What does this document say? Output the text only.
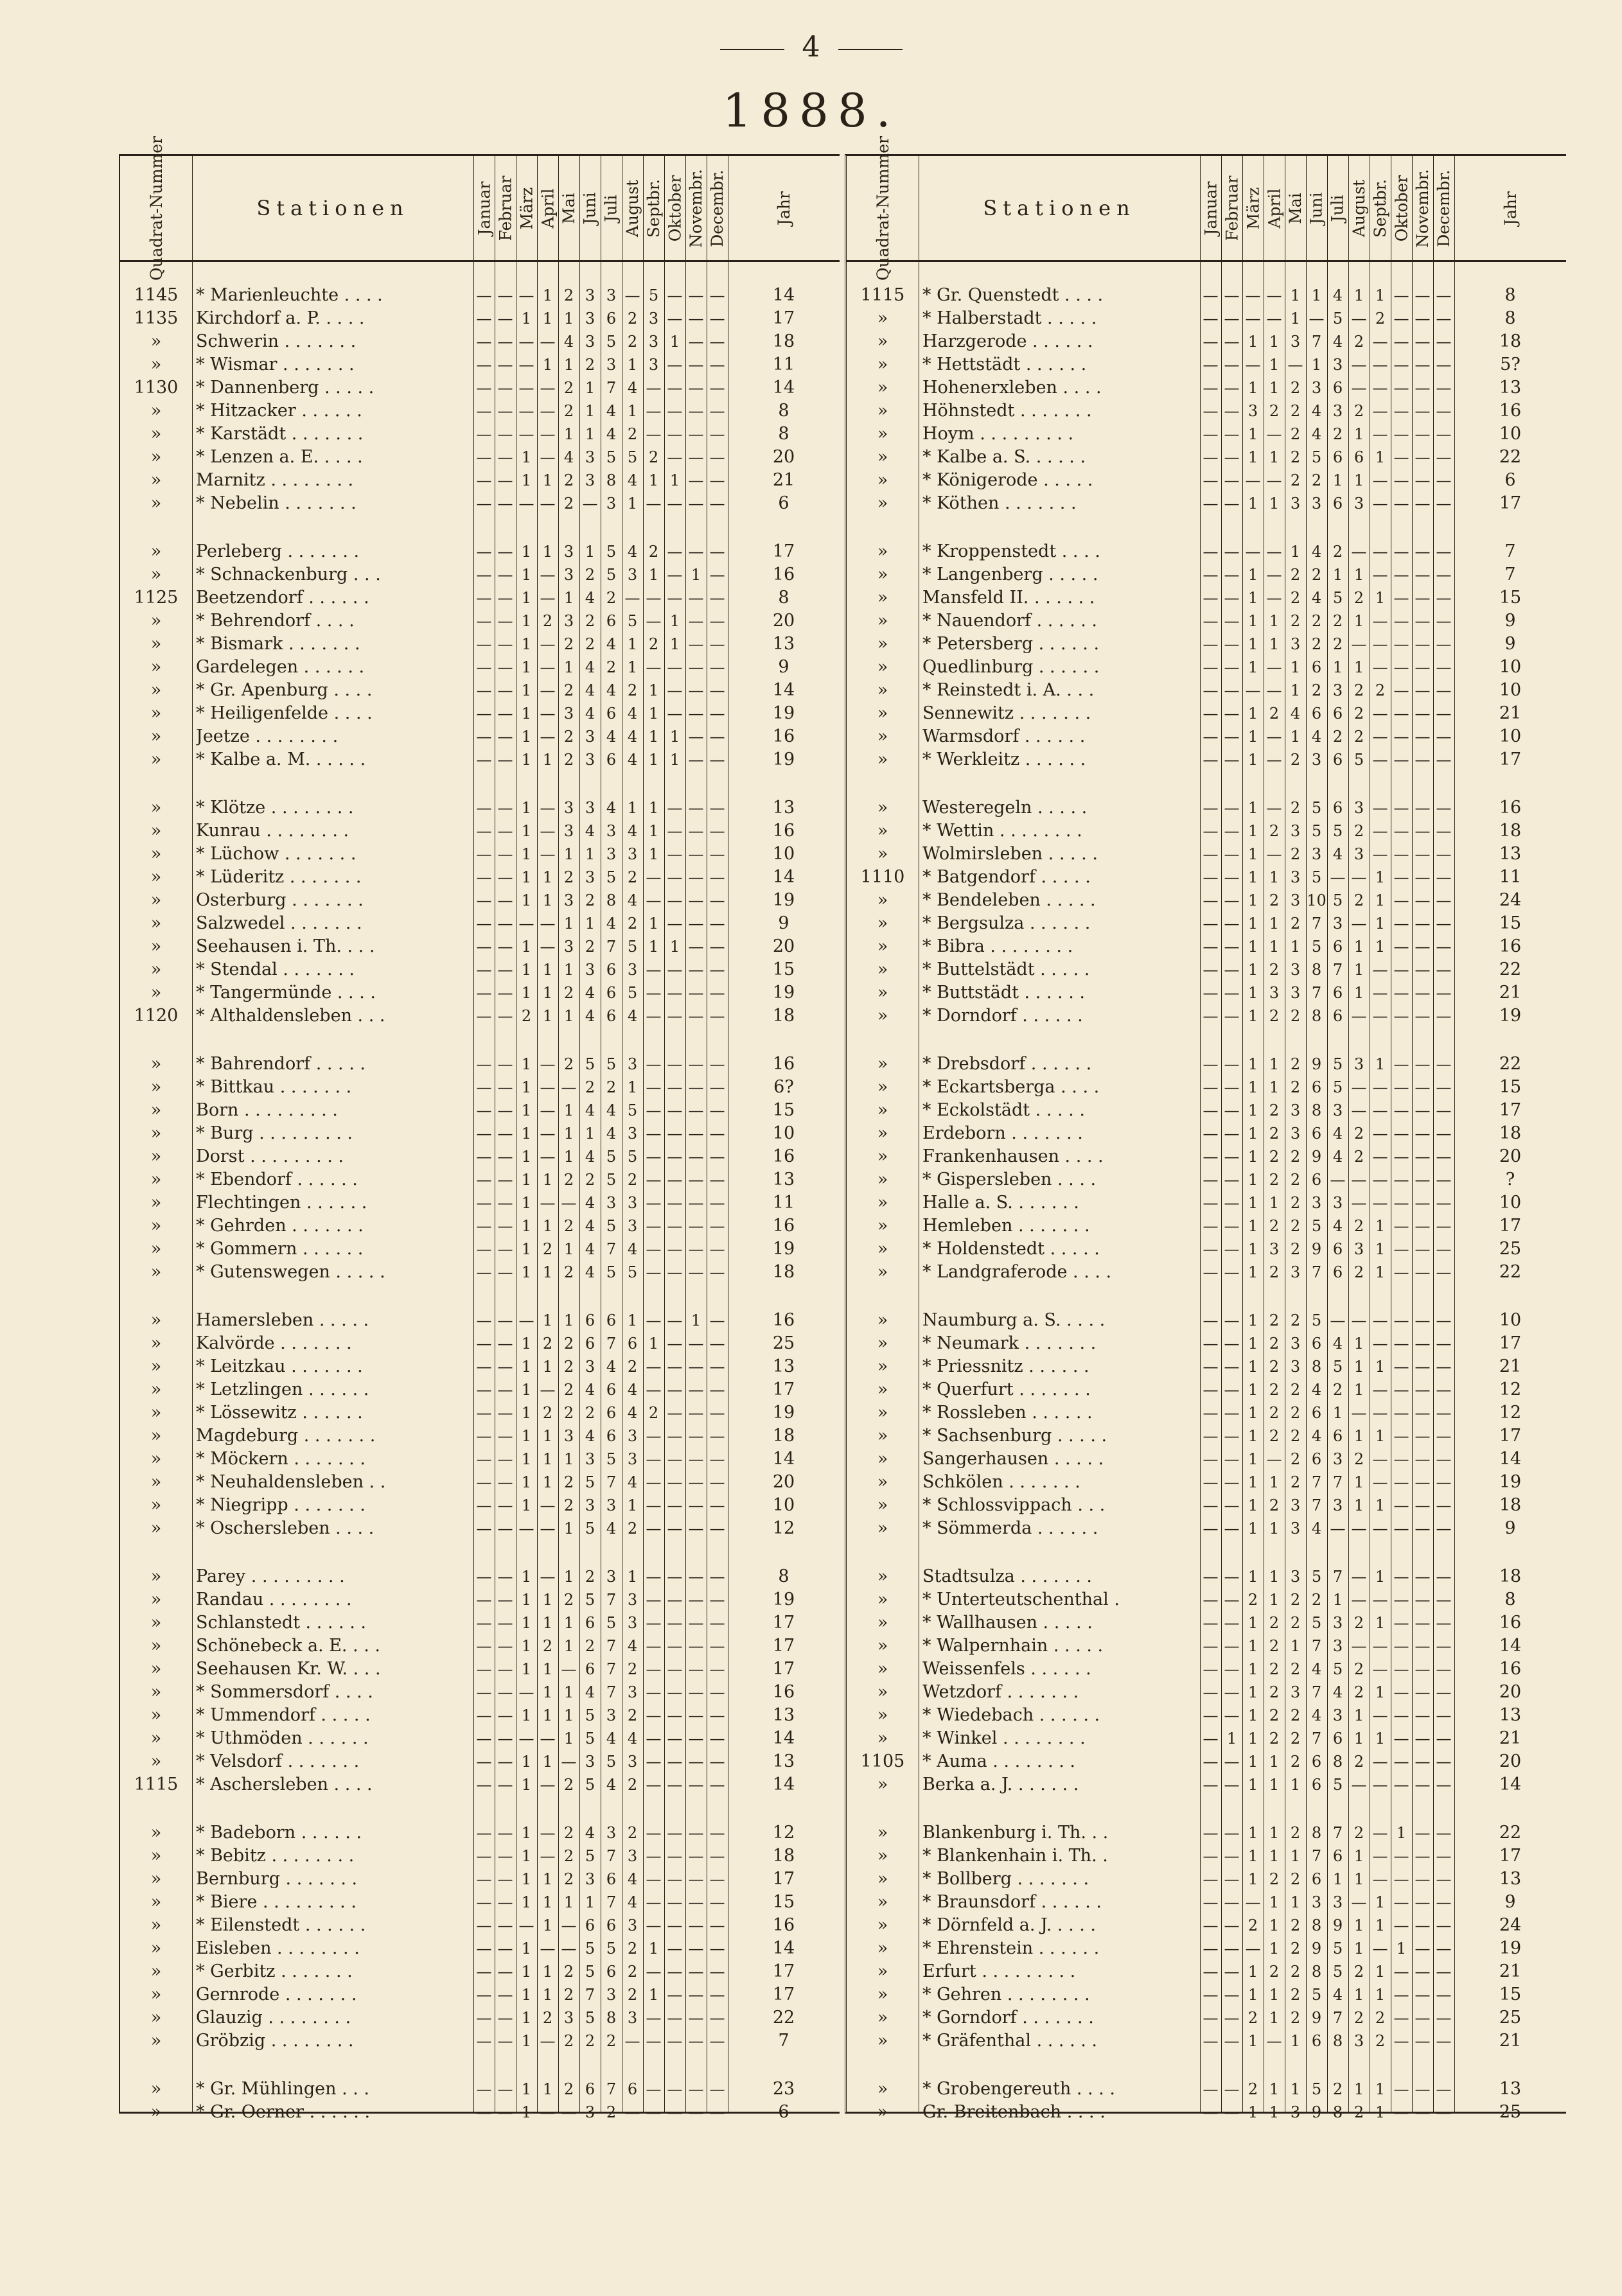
4
1888.
Quadrat-Nummer	Stationen	Januar Februar März April Mai Juni Juli August Septbr. Oktober Novembr. Decembr.	Jahr
1145	* Marienleuchte . . . .	— — — 1 2 3 3 — 5 — — —	14
1135	Kirchdorf a. P. . . . .	— — 1 1 1 3 6 2 3 — — —	17
»	Schwerin . . . . . . .	— — — — 4 3 5 2 3 1 — —	18
»	* Wismar . . . . . . .	— — — 1 1 2 3 1 3 — — —	11
1130	* Dannenberg . . . . .	— — — — 2 1 7 4 — — — —	14
»	* Hitzacker . . . . . .	— — — — 2 1 4 1 — — — —	8
»	* Karstädt . . . . . . .	— — — — 1 1 4 2 — — — —	8
»	* Lenzen a. E. . . . .	— — 1 — 4 3 5 5 2 — — —	20
»	Marnitz . . . . . . . .	— — 1 1 2 3 8 4 1 1 — —	21
»	* Nebelin . . . . . . .	— — — — 2 — 3 1 — — — —	6
»	Perleberg . . . . . . .	— — 1 1 3 1 5 4 2 — — —	17
»	* Schnackenburg . . .	— — 1 — 3 2 5 3 1 — 1 —	16
1125	Beetzendorf . . . . . .	— — 1 — 1 4 2 — — — — —	8
»	* Behrendorf . . . .	— — 1 2 3 2 6 5 — 1 — —	20
»	* Bismark . . . . . . .	— — 1 — 2 2 4 1 2 1 — —	13
»	Gardelegen . . . . . .	— — 1 — 1 4 2 1 — — — —	9
»	* Gr. Apenburg . . . .	— — 1 — 2 4 4 2 1 — — —	14
»	* Heiligenfelde . . . .	— — 1 — 3 4 6 4 1 — — —	19
»	Jeetze . . . . . . . .	— — 1 — 2 3 4 4 1 1 — —	16
»	* Kalbe a. M. . . . . .	— — 1 1 2 3 6 4 1 1 — —	19
»	* Klötze . . . . . . . .	— — 1 — 3 3 4 1 1 — — —	13
»	Kunrau . . . . . . . .	— — 1 — 3 4 3 4 1 — — —	16
»	* Lüchow . . . . . . .	— — 1 — 1 1 3 3 1 — — —	10
»	* Lüderitz . . . . . . .	— — 1 1 2 3 5 2 — — — —	14
»	Osterburg . . . . . . .	— — 1 1 3 2 8 4 — — — —	19
»	Salzwedel . . . . . . .	— — — — 1 1 4 2 1 — — —	9
»	Seehausen i. Th. . . .	— — 1 — 3 2 7 5 1 1 — —	20
»	* Stendal . . . . . . .	— — 1 1 1 3 6 3 — — — —	15
»	* Tangermünde . . . .	— — 1 1 2 4 6 5 — — — —	19
1120	* Althaldensleben . . .	— — 2 1 1 4 6 4 — — — —	18
»	* Bahrendorf . . . . .	— — 1 — 2 5 5 3 — — — —	16
»	* Bittkau . . . . . . .	— — 1 — — 2 2 1 — — — —	6?
»	Born . . . . . . . . .	— — 1 — 1 4 4 5 — — — —	15
»	* Burg . . . . . . . . .	— — 1 — 1 1 4 3 — — — —	10
»	Dorst . . . . . . . . .	— — 1 — 1 4 5 5 — — — —	16
»	* Ebendorf . . . . . .	— — 1 1 2 2 5 2 — — — —	13
»	Flechtingen . . . . . .	— — 1 — — 4 3 3 — — — —	11
»	* Gehrden . . . . . . .	— — 1 1 2 4 5 3 — — — —	16
»	* Gommern . . . . . .	— — 1 2 1 4 7 4 — — — —	19
»	* Gutenswegen . . . . .	— — 1 1 2 4 5 5 — — — —	18
»	Hamersleben . . . . .	— — — 1 1 6 6 1 — — 1 —	16
»	Kalvörde . . . . . . .	— — 1 2 2 6 7 6 1 — — —	25
»	* Leitzkau . . . . . . .	— — 1 1 2 3 4 2 — — — —	13
»	* Letzlingen . . . . . .	— — 1 — 2 4 6 4 — — — —	17
»	* Lössewitz . . . . . .	— — 1 2 2 2 6 4 2 — — —	19
»	Magdeburg . . . . . . .	— — 1 1 3 4 6 3 — — — —	18
»	* Möckern . . . . . . .	— — 1 1 1 3 5 3 — — — —	14
»	* Neuhaldensleben . .	— — 1 1 2 5 7 4 — — — —	20
»	* Niegripp . . . . . . .	— — 1 — 2 3 3 1 — — — —	10
»	* Oschersleben . . . .	— — — — 1 5 4 2 — — — —	12
»	Parey . . . . . . . . .	— — 1 — 1 2 3 1 — — — —	8
»	Randau . . . . . . . .	— — 1 1 2 5 7 3 — — — —	19
»	Schlanstedt . . . . . .	— — 1 1 1 6 5 3 — — — —	17
»	Schönebeck a. E. . . .	— — 1 2 1 2 7 4 — — — —	17
»	Seehausen Kr. W. . . .	— — 1 1 — 6 7 2 — — — —	17
»	* Sommersdorf . . . .	— — — 1 1 4 7 3 — — — —	16
»	* Ummendorf . . . . .	— — 1 1 1 5 3 2 — — — —	13
»	* Uthmöden . . . . . .	— — — — 1 5 4 4 — — — —	14
»	* Velsdorf . . . . . . .	— — 1 1 — 3 5 3 — — — —	13
1115	* Aschersleben . . . .	— — 1 — 2 5 4 2 — — — —	14
»	* Badeborn . . . . . .	— — 1 — 2 4 3 2 — — — —	12
»	* Bebitz . . . . . . . .	— — 1 — 2 5 7 3 — — — —	18
»	Bernburg . . . . . . .	— — 1 1 2 3 6 4 — — — —	17
»	* Biere . . . . . . . . .	— — 1 1 1 1 7 4 — — — —	15
»	* Eilenstedt . . . . . .	— — — 1 — 6 6 3 — — — —	16
»	Eisleben . . . . . . . .	— — 1 — — 5 5 2 1 — — —	14
»	* Gerbitz . . . . . . .	— — 1 1 2 5 6 2 — — — —	17
»	Gernrode . . . . . . .	— — 1 1 2 7 3 2 1 — — —	17
»	Glauzig . . . . . . . .	— — 1 2 3 5 8 3 — — — —	22
»	Gröbzig . . . . . . . .	— — 1 — 2 2 2 — — — — —	7
»	* Gr. Mühlingen . . .	— — 1 1 2 6 7 6 — — — —	23
»	* Gr. Oerner . . . . . .	— — 1 — — 3 2 — — — — —	6
Quadrat-Nummer	Stationen	Januar Februar März April Mai Juni Juli August Septbr. Oktober Novembr. Decembr.	Jahr
1115	* Gr. Quenstedt . . . .	— — — — 1 1 4 1 1 — — —	8
»	* Halberstadt . . . . .	— — — — 1 — 5 — 2 — — —	8
»	Harzgerode . . . . . .	— — 1 1 3 7 4 2 — — — —	18
»	* Hettstädt . . . . . .	— — — 1 — 1 3 — — — — —	5?
»	Hohenerxleben . . . .	— — 1 1 2 3 6 — — — — —	13
»	Höhnstedt . . . . . . .	— — 3 2 2 4 3 2 — — — —	16
»	Hoym . . . . . . . . .	— — 1 — 2 4 2 1 — — — —	10
»	* Kalbe a. S. . . . . .	— — 1 1 2 5 6 6 1 — — —	22
»	* Königerode . . . . .	— — — — 2 2 1 1 — — — —	6
»	* Köthen . . . . . . .	— — 1 1 3 3 6 3 — — — —	17
»	* Kroppenstedt . . . .	— — — — 1 4 2 — — — — —	7
»	* Langenberg . . . . .	— — 1 — 2 2 1 1 — — — —	7
»	Mansfeld II. . . . . . .	— — 1 — 2 4 5 2 1 — — —	15
»	* Nauendorf . . . . . .	— — 1 1 2 2 2 1 — — — —	9
»	* Petersberg . . . . . .	— — 1 1 3 2 2 — — — — —	9
»	Quedlinburg . . . . . .	— — 1 — 1 6 1 1 — — — —	10
»	* Reinstedt i. A. . . .	— — — — 1 2 3 2 2 — — —	10
»	Sennewitz . . . . . . .	— — 1 2 4 6 6 2 — — — —	21
»	Warmsdorf . . . . . .	— — 1 — 1 4 2 2 — — — —	10
»	* Werkleitz . . . . . .	— — 1 — 2 3 6 5 — — — —	17
»	Westeregeln . . . . .	— — 1 — 2 5 6 3 — — — —	16
»	* Wettin . . . . . . . .	— — 1 2 3 5 5 2 — — — —	18
»	Wolmirsleben . . . . .	— — 1 — 2 3 4 3 — — — —	13
1110	* Batgendorf . . . . .	— — 1 1 3 5 — — 1 — — —	11
»	* Bendeleben . . . . .	— — 1 2 3 10 5 2 1 — — —	24
»	* Bergsulza . . . . . .	— — 1 1 2 7 3 — 1 — — —	15
»	* Bibra . . . . . . . .	— — 1 1 1 5 6 1 1 — — —	16
»	* Buttelstädt . . . . .	— — 1 2 3 8 7 1 — — — —	22
»	* Buttstädt . . . . . .	— — 1 3 3 7 6 1 — — — —	21
»	* Dorndorf . . . . . .	— — 1 2 2 8 6 — — — — —	19
»	* Drebsdorf . . . . . .	— — 1 1 2 9 5 3 1 — — —	22
»	* Eckartsberga . . . .	— — 1 1 2 6 5 — — — — —	15
»	* Eckolstädt . . . . .	— — 1 2 3 8 3 — — — — —	17
»	Erdeborn . . . . . . .	— — 1 2 3 6 4 2 — — — —	18
»	Frankenhausen . . . .	— — 1 2 2 9 4 2 — — — —	20
»	* Gispersleben . . . .	— — 1 2 2 6 — — — — — —	?
»	Halle a. S. . . . . . .	— — 1 1 2 3 3 — — — — —	10
»	Hemleben . . . . . . .	— — 1 2 2 5 4 2 1 — — —	17
»	* Holdenstedt . . . . .	— — 1 3 2 9 6 3 1 — — —	25
»	* Landgraferode . . . .	— — 1 2 3 7 6 2 1 — — —	22
»	Naumburg a. S. . . . .	— — 1 2 2 5 — — — — — —	10
»	* Neumark . . . . . . .	— — 1 2 3 6 4 1 — — — —	17
»	* Priessnitz . . . . . .	— — 1 2 3 8 5 1 1 — — —	21
»	* Querfurt . . . . . . .	— — 1 2 2 4 2 1 — — — —	12
»	* Rossleben . . . . . .	— — 1 2 2 6 1 — — — — —	12
»	* Sachsenburg . . . . .	— — 1 2 2 4 6 1 1 — — —	17
»	Sangerhausen . . . . .	— — 1 — 2 6 3 2 — — — —	14
»	Schkölen . . . . . . .	— — 1 1 2 7 7 1 — — — —	19
»	* Schlossvippach . . .	— — 1 2 3 7 3 1 1 — — —	18
»	* Sömmerda . . . . . .	— — 1 1 3 4 — — — — — —	9
»	Stadtsulza . . . . . . .	— — 1 1 3 5 7 — 1 — — —	18
»	* Unterteutschenthal .	— — 2 1 2 2 1 — — — — —	8
»	* Wallhausen . . . . .	— — 1 2 2 5 3 2 1 — — —	16
»	* Walpernhain . . . . .	— — 1 2 1 7 3 — — — — —	14
»	Weissenfels . . . . . .	— — 1 2 2 4 5 2 — — — —	16
»	Wetzdorf . . . . . . .	— — 1 2 3 7 4 2 1 — — —	20
»	* Wiedebach . . . . . .	— — 1 2 2 4 3 1 — — — —	13
»	* Winkel . . . . . . . .	— 1 1 2 2 7 6 1 1 — — —	21
1105	* Auma . . . . . . . .	— — 1 1 2 6 8 2 — — — —	20
»	Berka a. J. . . . . . .	— — 1 1 1 6 5 — — — — —	14
»	Blankenburg i. Th. . .	— — 1 1 2 8 7 2 — 1 — —	22
»	* Blankenhain i. Th. .	— — 1 1 1 7 6 1 — — — —	17
»	* Bollberg . . . . . . .	— — 1 2 2 6 1 1 — — — —	13
»	* Braunsdorf . . . . . .	— — — 1 1 3 3 — 1 — — —	9
»	* Dörnfeld a. J. . . . .	— — 2 1 2 8 9 1 1 — — —	24
»	* Ehrenstein . . . . . .	— — — 1 2 9 5 1 — 1 — —	19
»	Erfurt . . . . . . . . .	— — 1 2 2 8 5 2 1 — — —	21
»	* Gehren . . . . . . . .	— — 1 1 2 5 4 1 1 — — —	15
»	* Gorndorf . . . . . . .	— — 2 1 2 9 7 2 2 — — —	25
»	* Gräfenthal . . . . . .	— — 1 — 1 6 8 3 2 — — —	21
»	* Grobengereuth . . . .	— — 2 1 1 5 2 1 1 — — —	13
»	Gr. Breitenbach . . . .	— — 1 1 3 9 8 2 1 — — —	25
